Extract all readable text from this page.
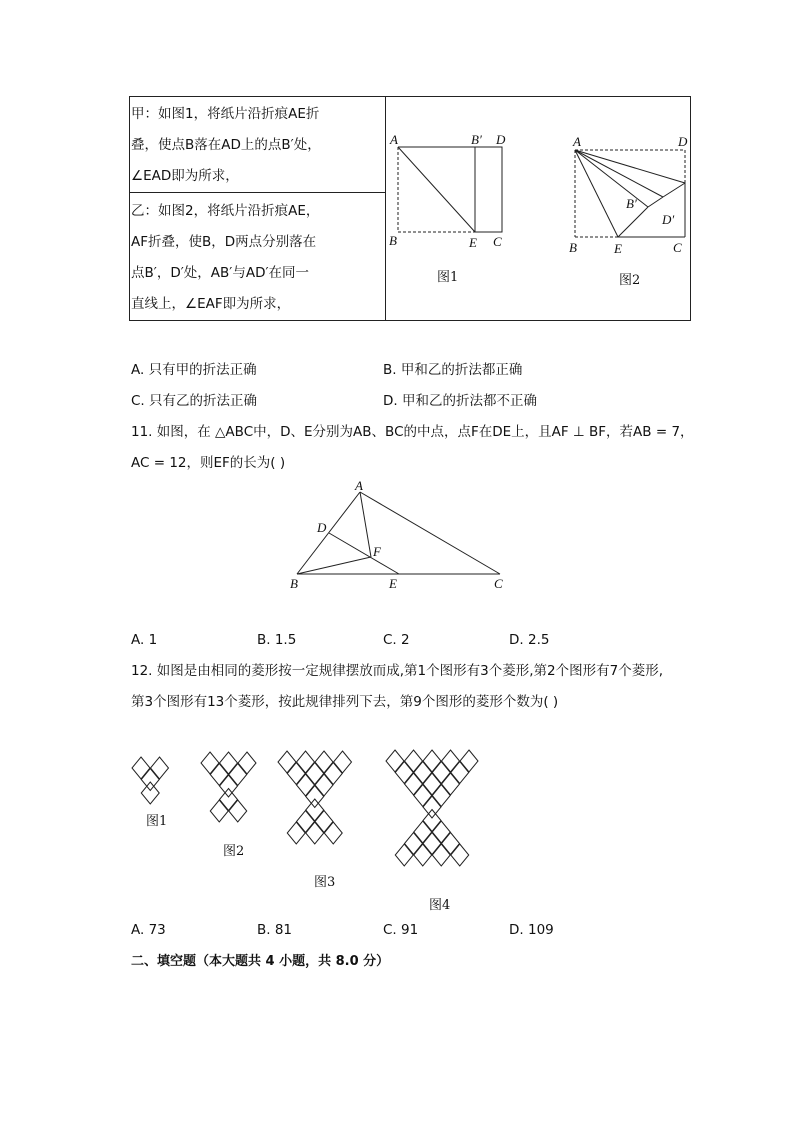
甲：如图1，将纸片沿折痕AE折
叠，使点B落在AD上的点B′处，
∠EAD即为所求，
乙：如图2，将纸片沿折痕AE，
AF折叠，使B，D两点分别落在
点B′，D′处，AB′与AD′在同一
直线上，∠EAF即为所求，
A	B′ D
B	E C
A	D
B′
D′
B	E	C
图1	图2
A. 只有甲的折法正确	B. 甲和乙的折法都正确
C. 只有乙的折法正确	D. 甲和乙的折法都不正确
11. 如图，在 △ABC中，D、E分别为AB、BC的中点，点F在DE上，且AF ⊥ BF，若AB = 7，
AC = 12，则EF的长为( )
A
D
F
B	E	C
A. 1	B. 1.5	C. 2	D. 2.5
12. 如图是由相同的菱形按一定规律摆放而成,第1个图形有3个菱形,第2个图形有7个菱形,
第3个图形有13个菱形，按此规律排列下去，第9个图形的菱形个数为( )
图1
图2
图3
图4
A. 73	B. 81	C. 91	D. 109
二、填空题（本大题共 4 小题，共 8.0 分）
